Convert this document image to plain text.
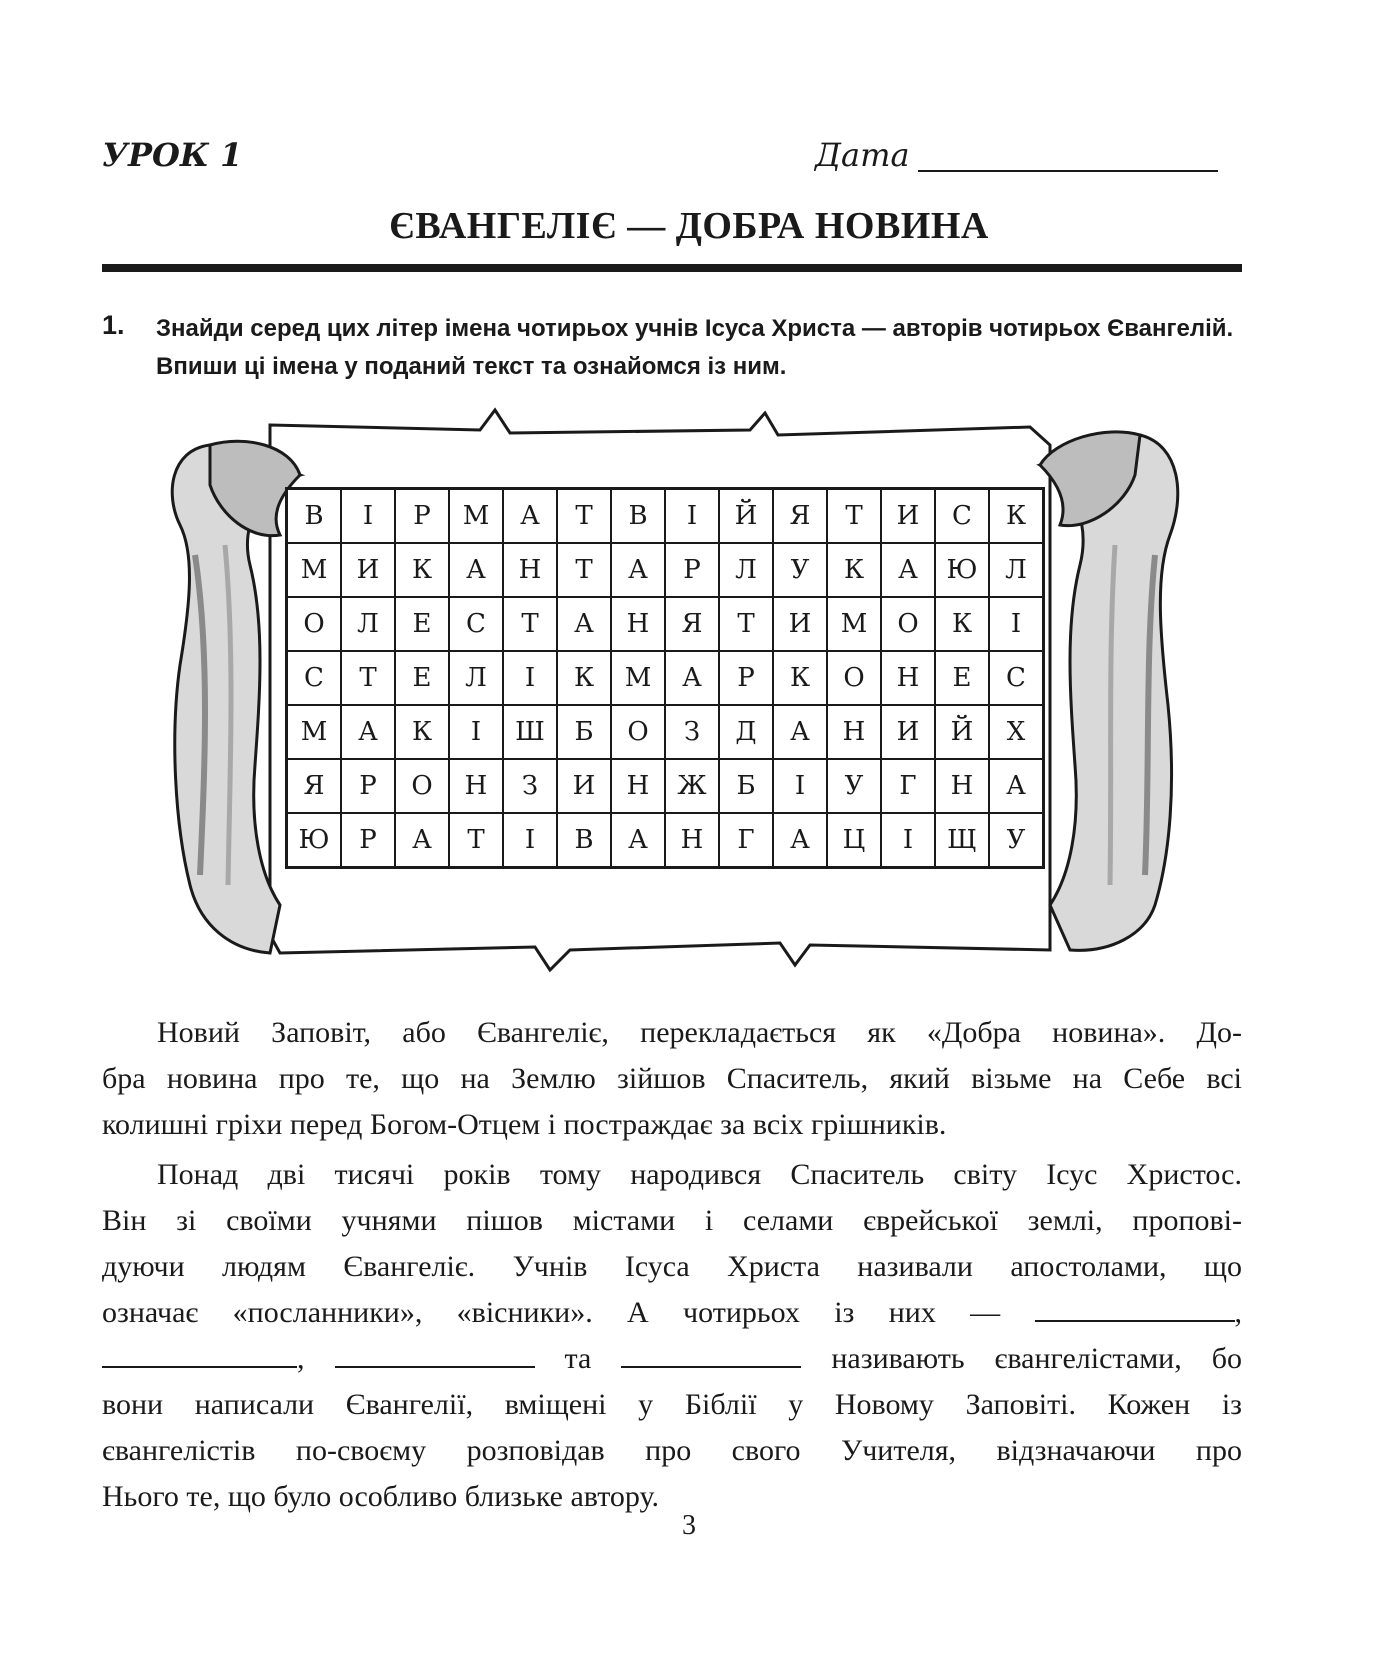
УРОК 1	Дата
ЄВАНГЕЛІЄ — ДОБРА НОВИНА
1. Знайди серед цих літер імена чотирьох учнів Ісуса Христа — авторів чотирьох Євангелій. Впиши ці імена у поданий текст та ознайомся із ним.
В	І	Р	М	А	Т	В	І	Й	Я	Т	И	С	К
М	И	К	А	Н	Т	А	Р	Л	У	К	А	Ю	Л
О	Л	Е	С	Т	А	Н	Я	Т	И	М	О	К	І
С	Т	Е	Л	І	К	М	А	Р	К	О	Н	Е	С
М	А	К	І	Ш	Б	О	З	Д	А	Н	И	Й	Х
Я	Р	О	Н	З	И	Н	Ж	Б	І	У	Г	Н	А
Ю	Р	А	Т	І	В	А	Н	Г	А	Ц	І	Щ	У
Новий Заповіт, або Євангеліє, перекладається як «Добра новина». До-
бра новина про те, що на Землю зійшов Спаситель, який візьме на Себе всі
колишні гріхи перед Богом-Отцем і постраждає за всіх грішників.
Понад дві тисячі років тому народився Спаситель світу Ісус Христос.
Він зі своїми учнями пішов містами і селами єврейської землі, пропові-
дуючи людям Євангеліє. Учнів Ісуса Христа називали апостолами, що
означає «посланники», «вісники». А чотирьох із них —	,
,	та	називають євангелістами, бо
вони написали Євангелії, вміщені у Біблії у Новому Заповіті. Кожен із
євангелістів по-своєму розповідав про свого Учителя, відзначаючи про
Нього те, що було особливо близьке автору.
3
